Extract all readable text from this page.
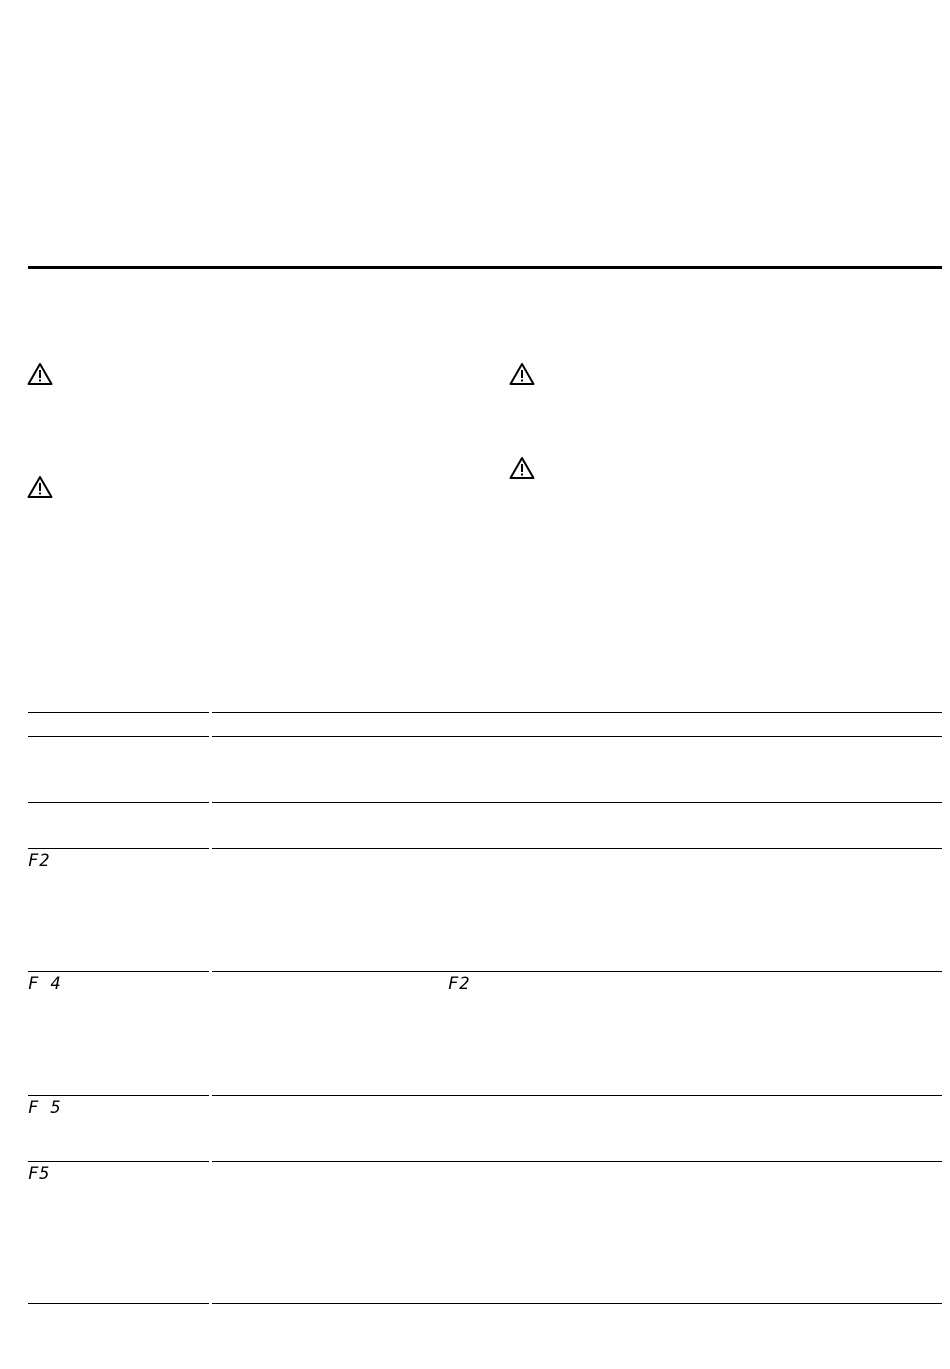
F2
F 4	F2
F 5
F5
